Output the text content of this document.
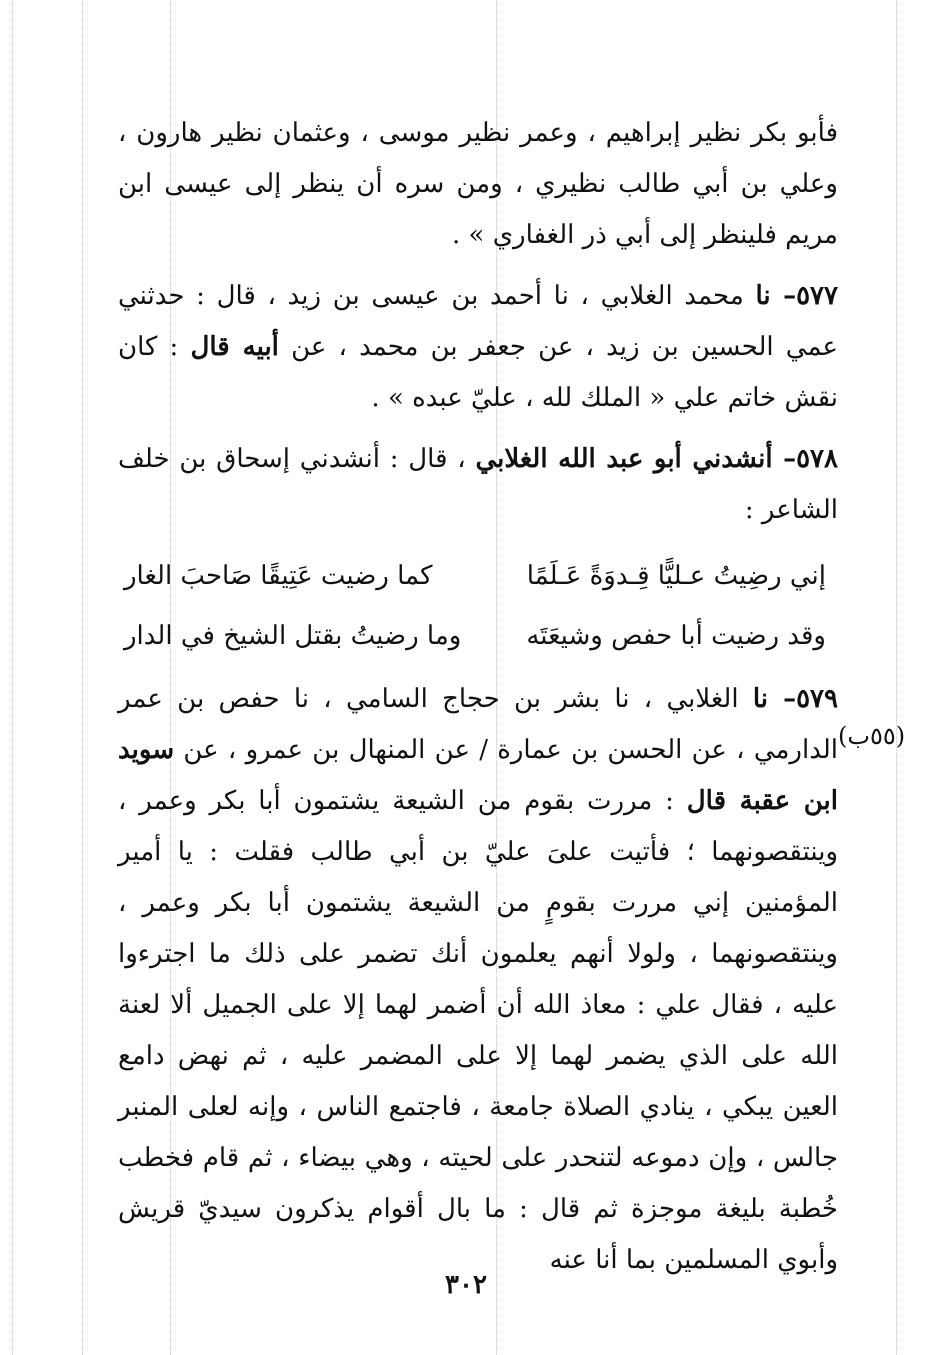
فأبو بكر نظير إبراهيم ، وعمر نظير موسى ، وعثمان نظير هارون ، وعلي بن أبي طالب نظيري ، ومن سره أن ينظر إلى عيسى ابن مريم فلينظر إلى أبي ذر الغفاري » .

٥٧٧– نا محمد الغلابي ، نا أحمد بن عيسى بن زيد ، قال : حدثني عمي الحسين بن زيد ، عن جعفر بن محمد ، عن أبيه قال : كان نقش خاتم علي « الملك لله ، عليّ عبده » .

٥٧٨– أنشدني أبو عبد الله الغلابي ، قال : أنشدني إسحاق بن خلف الشاعر :

إني رضِيتُ عـليًّا قِـدوَةً عَـلَمًا
كما رضيت عَتِيقًا صَاحبَ الغار
وقد رضيت أبا حفص وشيعَتَه
وما رضيتُ بقتل الشيخ في الدار

٥٧٩– نا الغلابي ، نا بشر بن حجاج السامي ، نا حفص بن عمر الدارمي ، عن الحسن بن عمارة / عن المنهال بن عمرو ، عن سويد ابن عقبة قال : مررت بقوم من الشيعة يشتمون أبا بكر وعمر ، وينتقصونهما ؛ فأتيت علىَ عليّ بن أبي طالب فقلت : يا أمير المؤمنين إني مررت بقومٍ من الشيعة يشتمون أبا بكر وعمر ، وينتقصونهما ، ولولا أنهم يعلمون أنك تضمر على ذلك ما اجترءوا عليه ، فقال علي : معاذ الله أن أضمر لهما إلا على الجميل ألا لعنة الله على الذي يضمر لهما إلا على المضمر عليه ، ثم نهض دامع العين يبكي ، ينادي الصلاة جامعة ، فاجتمع الناس ، وإنه لعلى المنبر جالس ، وإن دموعه لتنحدر على لحيته ، وهي بيضاء ، ثم قام فخطب خُطبة بليغة موجزة ثم قال : ما بال أقوام يذكرون سيديّ قريش وأبوي المسلمين بما أنا عنه

(٥٥ب)
٣٠٢
